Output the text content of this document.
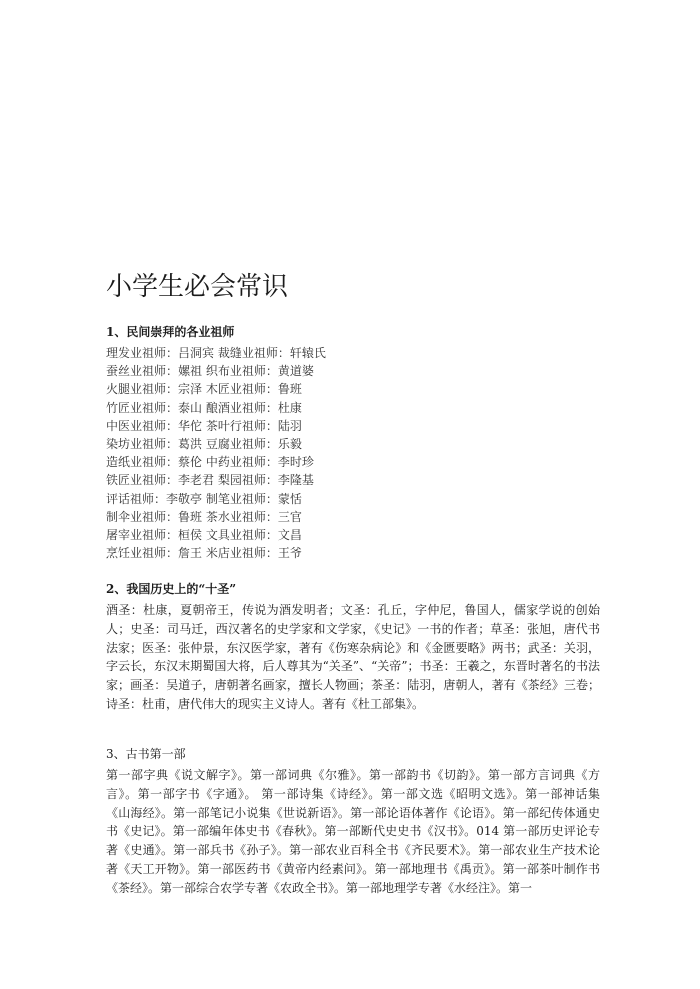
小学生必会常识
1、民间崇拜的各业祖师
理发业祖师：吕洞宾 裁缝业祖师：轩辕氏
蚕丝业祖师：嫘祖 织布业祖师：黄道婆
火腿业祖师：宗泽 木匠业祖师：鲁班
竹匠业祖师：泰山 酿酒业祖师：杜康
中医业祖师：华佗 茶叶行祖师：陆羽
染坊业祖师：葛洪 豆腐业祖师：乐毅
造纸业祖师：蔡伦 中药业祖师：李时珍
铁匠业祖师：李老君 梨园祖师：李隆基
评话祖师：李敬亭 制笔业祖师：蒙恬
制伞业祖师：鲁班 茶水业祖师：三官
屠宰业祖师：桓侯 文具业祖师：文昌
烹饪业祖师：詹王 米店业祖师：王爷
2、我国历史上的“十圣”

酒圣：杜康，夏朝帝王，传说为酒发明者；文圣：孔丘，字仲尼，鲁国人，儒家学说的创始人；史圣：司马迁，西汉著名的史学家和文学家，《史记》一书的作者；草圣：张旭，唐代书法家；医圣：张仲景，东汉医学家，著有《伤寒杂病论》和《金匮要略》两书；武圣：关羽，字云长，东汉末期蜀国大将，后人尊其为“关圣”、“关帝”；书圣：王羲之，东晋时著名的书法家；画圣：吴道子，唐朝著名画家，擅长人物画；茶圣：陆羽，唐朝人，著有《茶经》三卷；诗圣：杜甫，唐代伟大的现实主义诗人。著有《杜工部集》。

3、古书第一部

第一部字典《说文解字》。第一部词典《尔雅》。第一部韵书《切韵》。第一部方言词典《方言》。第一部字书《字通》。 第一部诗集《诗经》。第一部文选《昭明文选》。第一部神话集《山海经》。第一部笔记小说集《世说新语》。第一部论语体著作《论语》。第一部纪传体通史书《史记》。第一部编年体史书《春秋》。第一部断代史史书《汉书》。014 第一部历史评论专著《史通》。第一部兵书《孙子》。第一部农业百科全书《齐民要术》。第一部农业生产技术论著《天工开物》。第一部医药书《黄帝内经素问》。第一部地理书《禹贡》。第一部茶叶制作书《茶经》。第一部综合农学专著《农政全书》。第一部地理学专著《水经注》。第一
